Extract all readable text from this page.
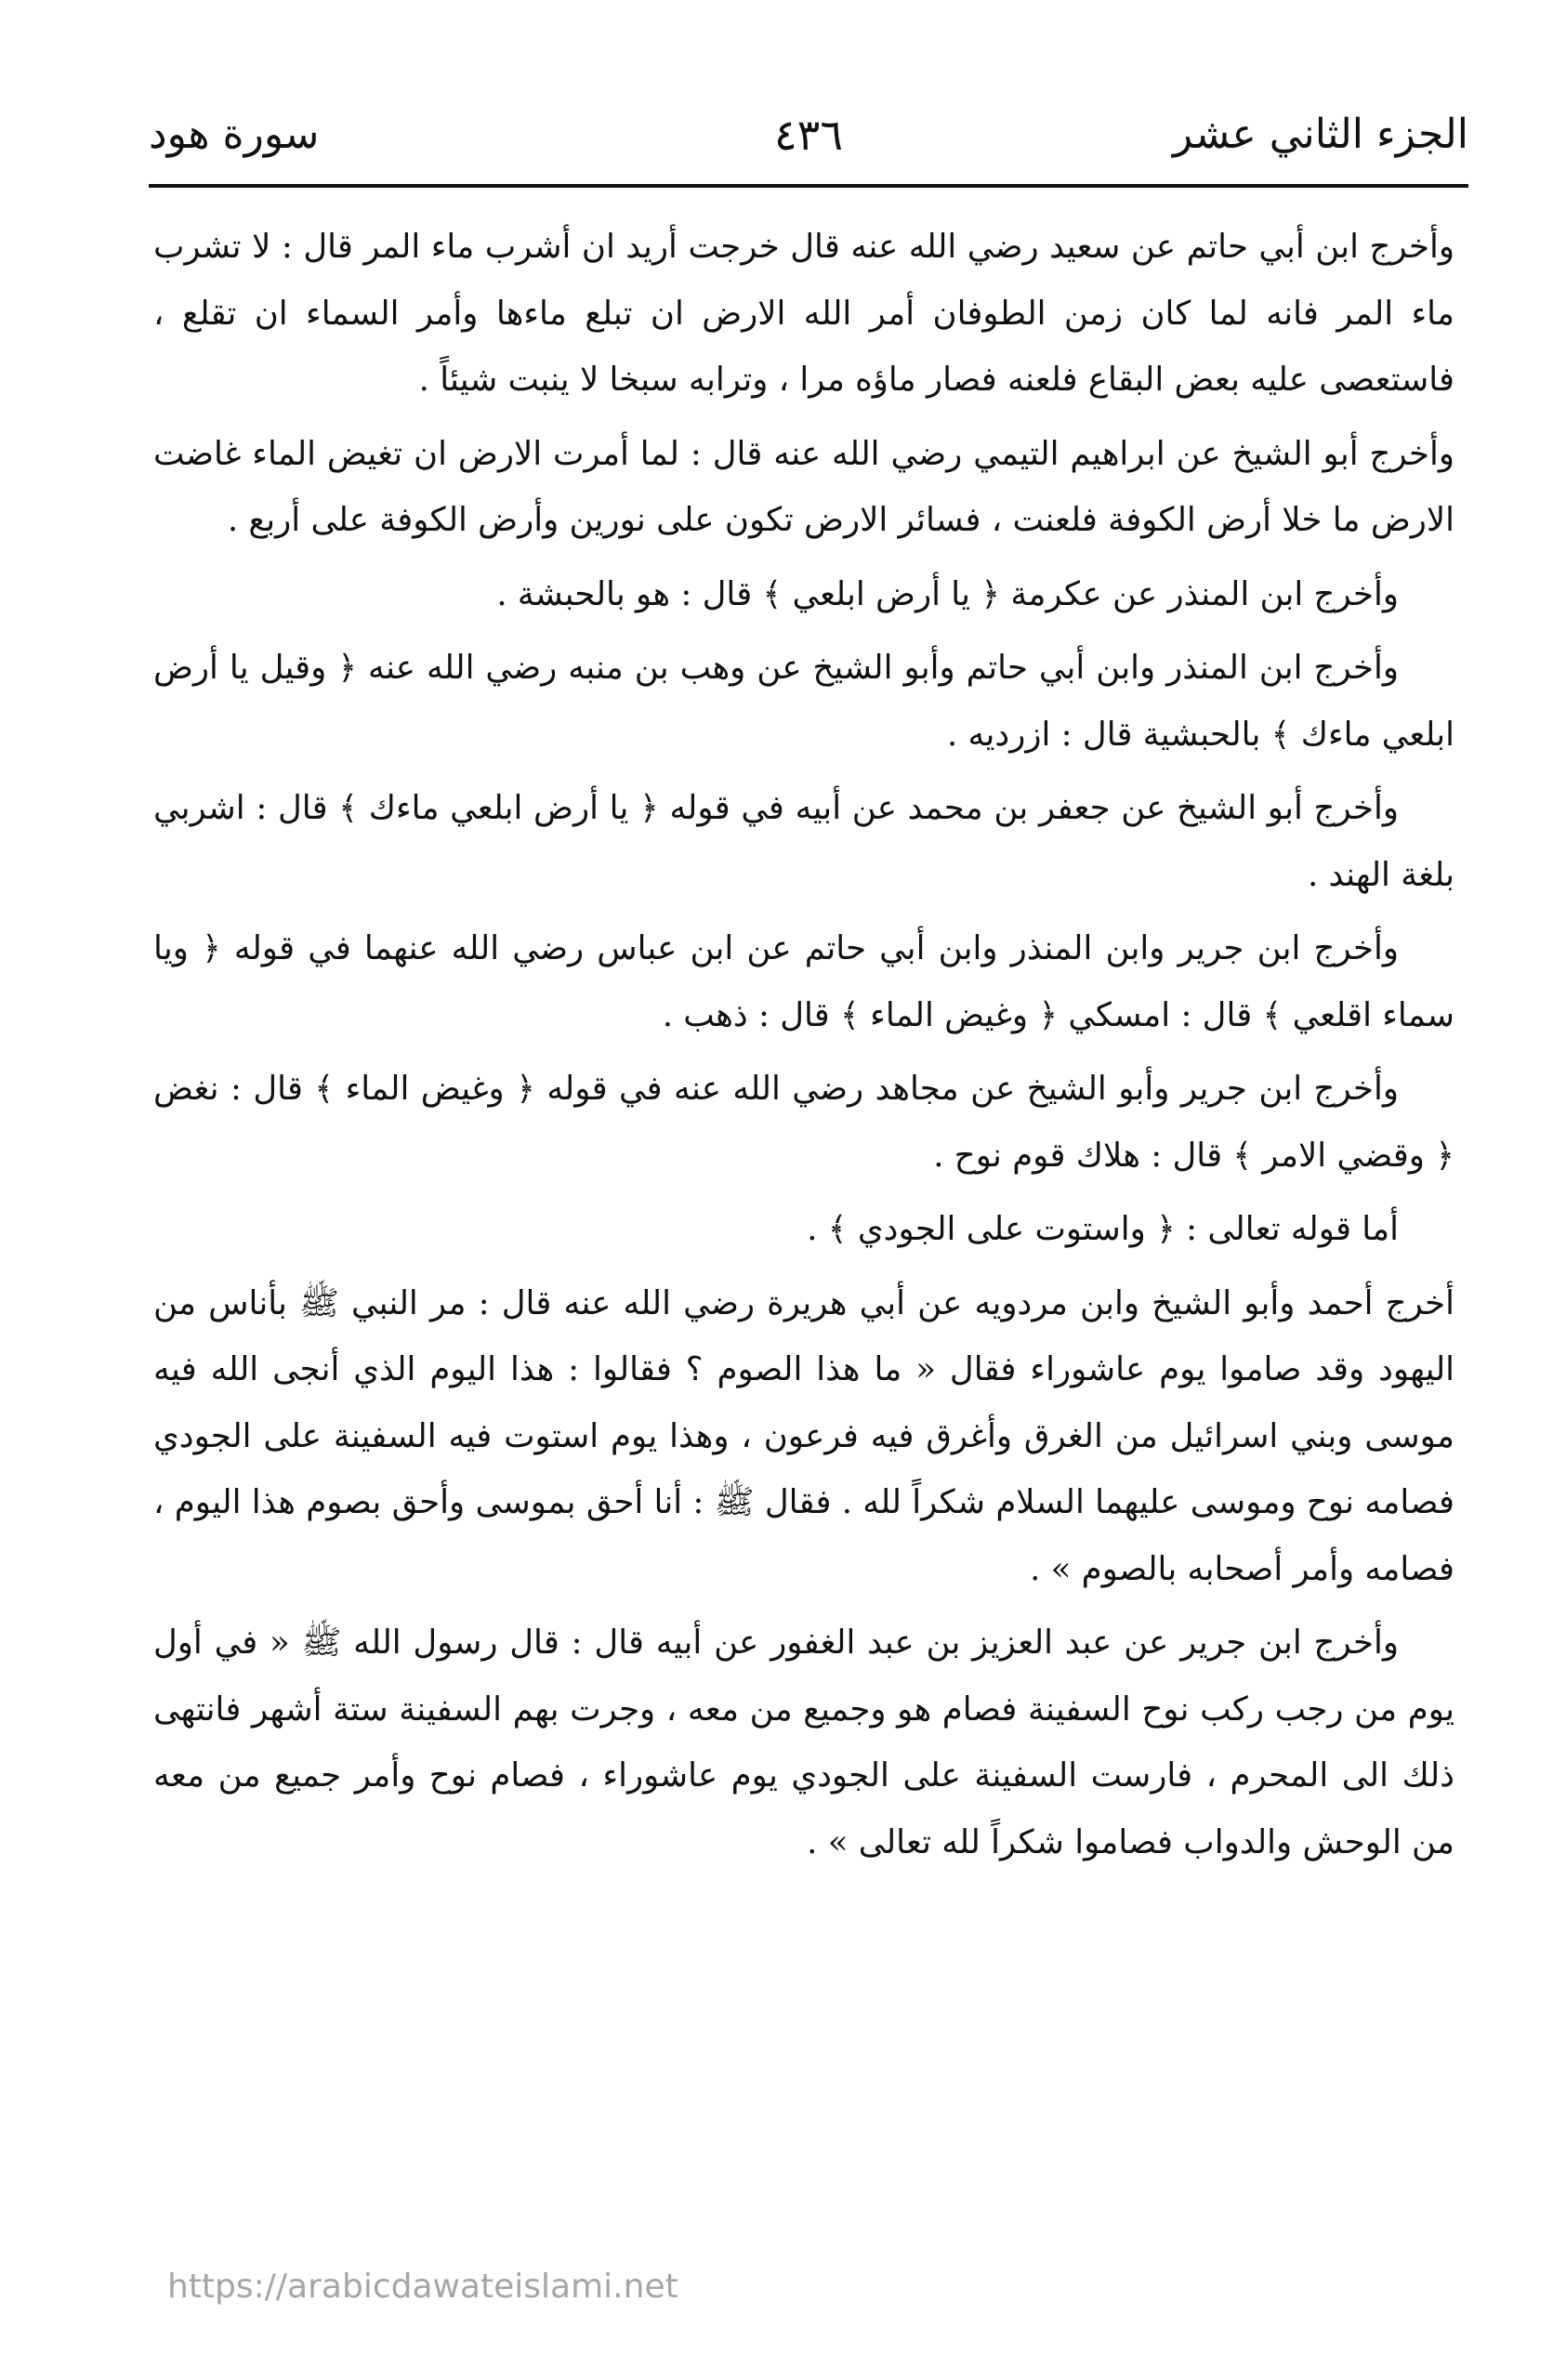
الجزء الثاني عشر
٤٣٦
سورة هود

وأخرج ابن أبي حاتم عن سعيد رضي الله عنه قال خرجت أريد ان أشرب ماء المر قال : لا تشرب ماء المر فانه لما كان زمن الطوفان أمر الله الارض ان تبلع ماءها وأمر السماء ان تقلع ، فاستعصى عليه بعض البقاع فلعنه فصار ماؤه مرا ، وترابه سبخا لا ينبت شيئاً .

وأخرج أبو الشيخ عن ابراهيم التيمي رضي الله عنه قال : لما أمرت الارض ان تغيض الماء غاضت الارض ما خلا أرض الكوفة فلعنت ، فسائر الارض تكون على نورين وأرض الكوفة على أربع .

وأخرج ابن المنذر عن عكرمة ﴿ يا أرض ابلعي ﴾ قال : هو بالحبشة .

وأخرج ابن المنذر وابن أبي حاتم وأبو الشيخ عن وهب بن منبه رضي الله عنه ﴿ وقيل يا أرض ابلعي ماءك ﴾ بالحبشية قال : ازرديه .

وأخرج أبو الشيخ عن جعفر بن محمد عن أبيه في قوله ﴿ يا أرض ابلعي ماءك ﴾ قال : اشربي بلغة الهند .

وأخرج ابن جرير وابن المنذر وابن أبي حاتم عن ابن عباس رضي الله عنهما في قوله ﴿ ويا سماء اقلعي ﴾ قال : امسكي ﴿ وغيض الماء ﴾ قال : ذهب .

وأخرج ابن جرير وأبو الشيخ عن مجاهد رضي الله عنه في قوله ﴿ وغيض الماء ﴾ قال : نغض ﴿ وقضي الامر ﴾ قال : هلاك قوم نوح .

أما قوله تعالى : ﴿ واستوت على الجودي ﴾ .

أخرج أحمد وأبو الشيخ وابن مردويه عن أبي هريرة رضي الله عنه قال : مر النبي ﷺ بأناس من اليهود وقد صاموا يوم عاشوراء فقال « ما هذا الصوم ؟ فقالوا : هذا اليوم الذي أنجى الله فيه موسى وبني اسرائيل من الغرق وأغرق فيه فرعون ، وهذا يوم استوت فيه السفينة على الجودي فصامه نوح وموسى عليهما السلام شكراً لله . فقال ﷺ : أنا أحق بموسى وأحق بصوم هذا اليوم ، فصامه وأمر أصحابه بالصوم » .

وأخرج ابن جرير عن عبد العزيز بن عبد الغفور عن أبيه قال : قال رسول الله ﷺ « في أول يوم من رجب ركب نوح السفينة فصام هو وجميع من معه ، وجرت بهم السفينة ستة أشهر فانتهى ذلك الى المحرم ، فارست السفينة على الجودي يوم عاشوراء ، فصام نوح وأمر جميع من معه من الوحش والدواب فصاموا شكراً لله تعالى » .

https://arabicdawateislami.net
